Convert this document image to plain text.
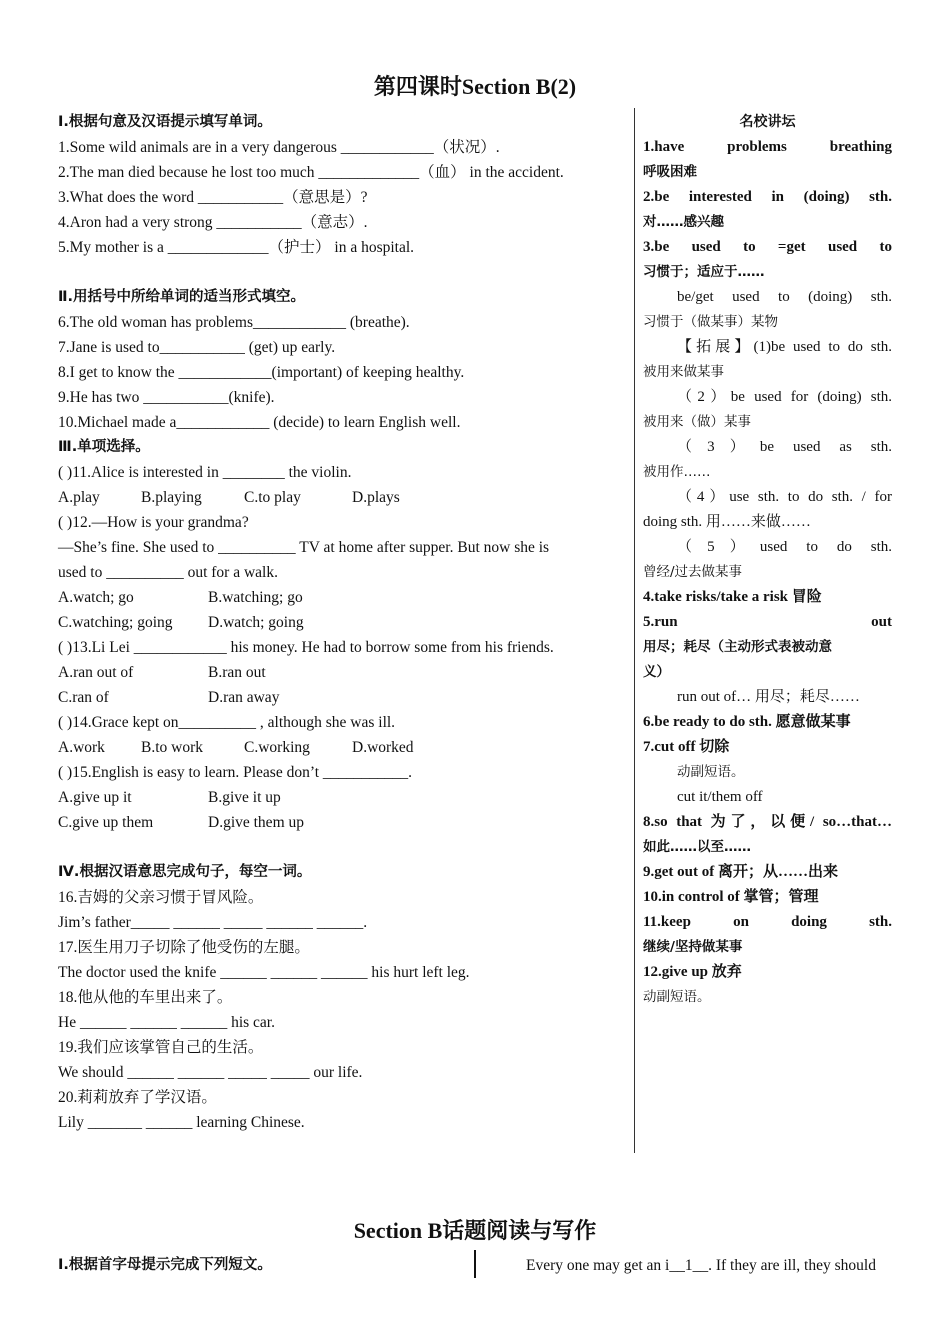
第四课时Section B(2)
Ⅰ.根据句意及汉语提示填写单词。
1.Some wild animals are in a very dangerous ____________（状况）.
2.The man died because he lost too much _____________（血） in the accident.
3.What does the word ___________（意思是）?
4.Aron had a very strong ___________（意志）.
5.My mother is a _____________（护士） in a hospital.
Ⅱ.用括号中所给单词的适当形式填空。
6.The old woman has problems____________ (breathe).
7.Jane is used to___________ (get) up early.
8.I get to know the ____________(important) of keeping healthy.
9.He has two ___________(knife).
10.Michael made a____________ (decide) to learn English well.
Ⅲ.单项选择。
( )11.Alice is interested in ________ the violin.
A.play	B.playing	C.to play	D.plays
( )12.—How is your grandma?
—She’s fine. She used to __________ TV at home after supper. But now she is
used to __________ out for a walk.
A.watch; go	B.watching; go
C.watching; going	D.watch; going
( )13.Li Lei ____________ his money. He had to borrow some from his friends.
A.ran out of	B.ran out
C.ran of	D.ran away
( )14.Grace kept on__________ , although she was ill.
A.work	B.to work	C.working	D.worked
( )15.English is easy to learn. Please don’t ___________.
A.give up it	B.give it up
C.give up them	D.give them up
Ⅳ.根据汉语意思完成句子，每空一词。
16.吉姆的父亲习惯于冒风险。
Jim’s father_____ ______ _____ ______ ______.
17.医生用刀子切除了他受伤的左腿。
The doctor used the knife ______ ______ ______ his hurt left leg.
18.他从他的车里出来了。
He ______ ______ ______ his car.
19.我们应该掌管自己的生活。
We should ______ ______ _____ _____ our life.
20.莉莉放弃了学汉语。
Lily _______ ______ learning Chinese.
名校讲坛
1.have problems breathing
呼吸困难
2.be interested in (doing) sth.
对……感兴趣
3.be used to =get used to
习惯于；适应于……
be/get used to (doing) sth.
习惯于（做某事）某物
【拓展】(1)be used to do sth.
被用来做某事
（2）be used for (doing) sth.
被用来（做）某事
（3）be used as sth.
被用作……
（4）use sth. to do sth. / for
doing sth. 用……来做……
（5）used to do sth.
曾经/过去做某事
4.take risks/take a risk 冒险
5.run out
用尽；耗尽（主动形式表被动意
义）
run out of… 用尽；耗尽……
6.be ready to do sth. 愿意做某事
7.cut off 切除
动副短语。
cut it/them off
8.so that 为了，以便/ so…that…
如此……以至……
9.get out of 离开；从……出来
10.in control of 掌管；管理
11.keep on doing sth.
继续/坚持做某事
12.give up 放弃
动副短语。
Section B话题阅读与写作
Ⅰ.根据首字母提示完成下列短文。	Every one may get an i__1__. If they are ill, they should
